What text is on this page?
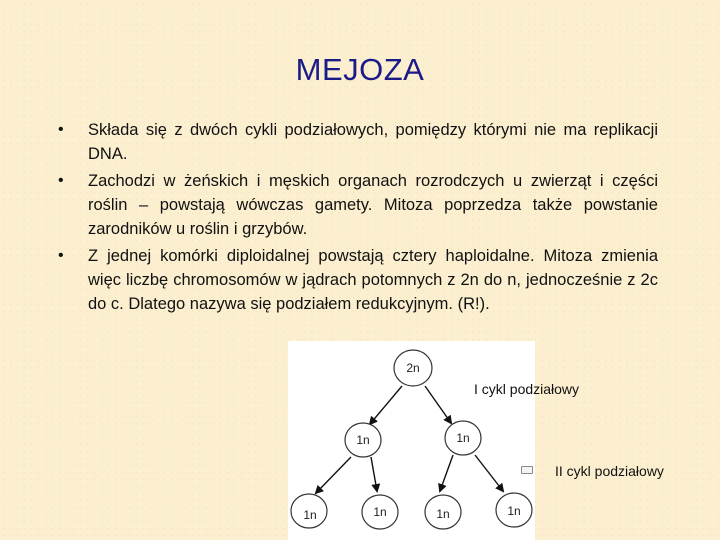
MEJOZA
• Składa się z dwóch cykli podziałowych, pomiędzy którymi nie ma replikacji DNA.
• Zachodzi w żeńskich i męskich organach rozrodczych u zwierząt i części roślin – powstają wówczas gamety. Mitoza poprzedza także powstanie zarodników u roślin i grzybów.
• Z jednej komórki diploidalnej powstają cztery haploidalne. Mitoza zmienia więc liczbę chromosomów w jądrach potomnych z 2n do n, jednocześnie z 2c do c. Dlatego nazywa się podziałem redukcyjnym. (R!).
2n
1n	1n
1n	1n	1n	1n
I cykl podziałowy
II cykl podziałowy
